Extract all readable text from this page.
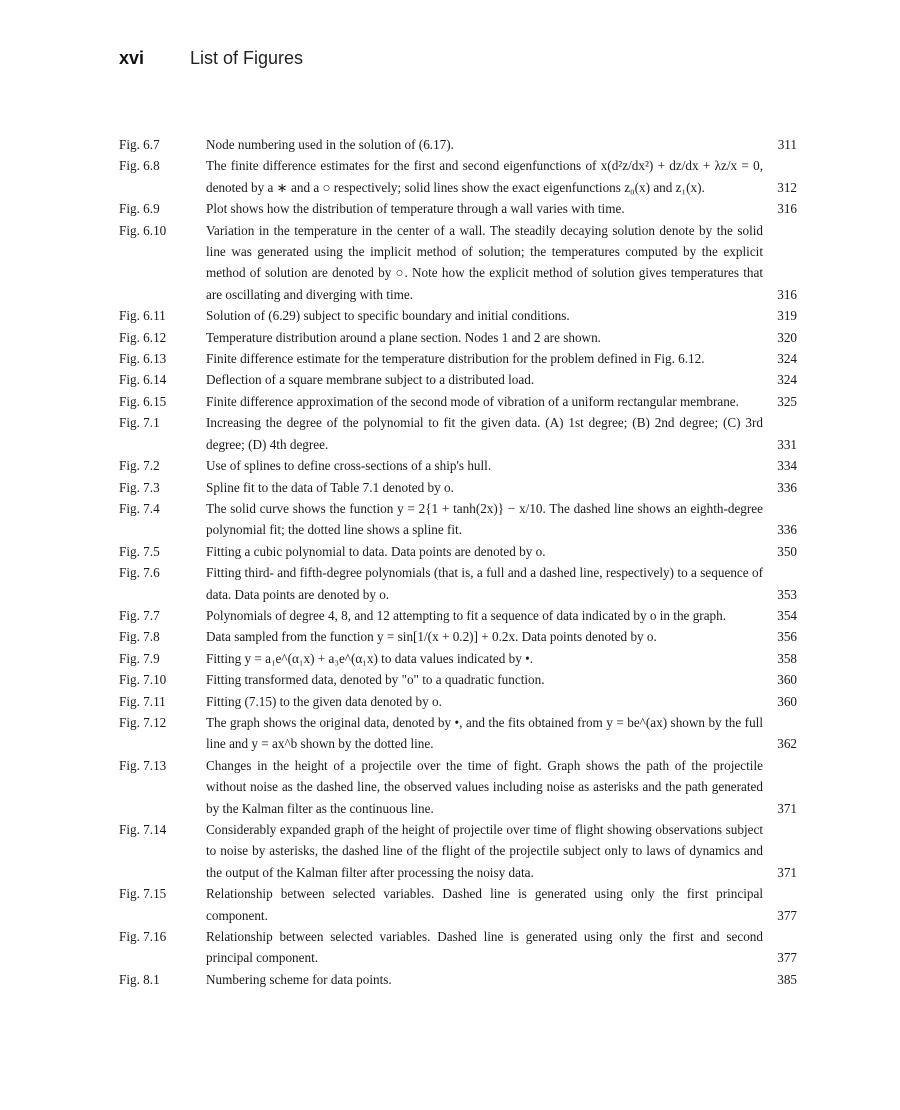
xvi	List of Figures
Fig. 6.7	Node numbering used in the solution of (6.17).	311
Fig. 6.8	The finite difference estimates for the first and second eigenfunctions of x(d²z/dx²) + dz/dx + λz/x = 0, denoted by a ∗ and a ○ respectively; solid lines show the exact eigenfunctions z₀(x) and z₁(x).	312
Fig. 6.9	Plot shows how the distribution of temperature through a wall varies with time.	316
Fig. 6.10	Variation in the temperature in the center of a wall. The steadily decaying solution denote by the solid line was generated using the implicit method of solution; the temperatures computed by the explicit method of solution are denoted by ○. Note how the explicit method of solution gives temperatures that are oscillating and diverging with time.	316
Fig. 6.11	Solution of (6.29) subject to specific boundary and initial conditions.	319
Fig. 6.12	Temperature distribution around a plane section. Nodes 1 and 2 are shown.	320
Fig. 6.13	Finite difference estimate for the temperature distribution for the problem defined in Fig. 6.12.	324
Fig. 6.14	Deflection of a square membrane subject to a distributed load.	324
Fig. 6.15	Finite difference approximation of the second mode of vibration of a uniform rectangular membrane.	325
Fig. 7.1	Increasing the degree of the polynomial to fit the given data. (A) 1st degree; (B) 2nd degree; (C) 3rd degree; (D) 4th degree.	331
Fig. 7.2	Use of splines to define cross-sections of a ship's hull.	334
Fig. 7.3	Spline fit to the data of Table 7.1 denoted by o.	336
Fig. 7.4	The solid curve shows the function y = 2{1 + tanh(2x)} − x/10. The dashed line shows an eighth-degree polynomial fit; the dotted line shows a spline fit.	336
Fig. 7.5	Fitting a cubic polynomial to data. Data points are denoted by o.	350
Fig. 7.6	Fitting third- and fifth-degree polynomials (that is, a full and a dashed line, respectively) to a sequence of data. Data points are denoted by o.	353
Fig. 7.7	Polynomials of degree 4, 8, and 12 attempting to fit a sequence of data indicated by o in the graph.	354
Fig. 7.8	Data sampled from the function y = sin[1/(x + 0.2)] + 0.2x. Data points denoted by o.	356
Fig. 7.9	Fitting y = a₁e^(α₁x) + a₃e^(α₁x) to data values indicated by •.	358
Fig. 7.10	Fitting transformed data, denoted by "o" to a quadratic function.	360
Fig. 7.11	Fitting (7.15) to the given data denoted by o.	360
Fig. 7.12	The graph shows the original data, denoted by •, and the fits obtained from y = be^(ax) shown by the full line and y = ax^b shown by the dotted line.	362
Fig. 7.13	Changes in the height of a projectile over the time of fight. Graph shows the path of the projectile without noise as the dashed line, the observed values including noise as asterisks and the path generated by the Kalman filter as the continuous line.	371
Fig. 7.14	Considerably expanded graph of the height of projectile over time of flight showing observations subject to noise by asterisks, the dashed line of the flight of the projectile subject only to laws of dynamics and the output of the Kalman filter after processing the noisy data.	371
Fig. 7.15	Relationship between selected variables. Dashed line is generated using only the first principal component.	377
Fig. 7.16	Relationship between selected variables. Dashed line is generated using only the first and second principal component.	377
Fig. 8.1	Numbering scheme for data points.	385
